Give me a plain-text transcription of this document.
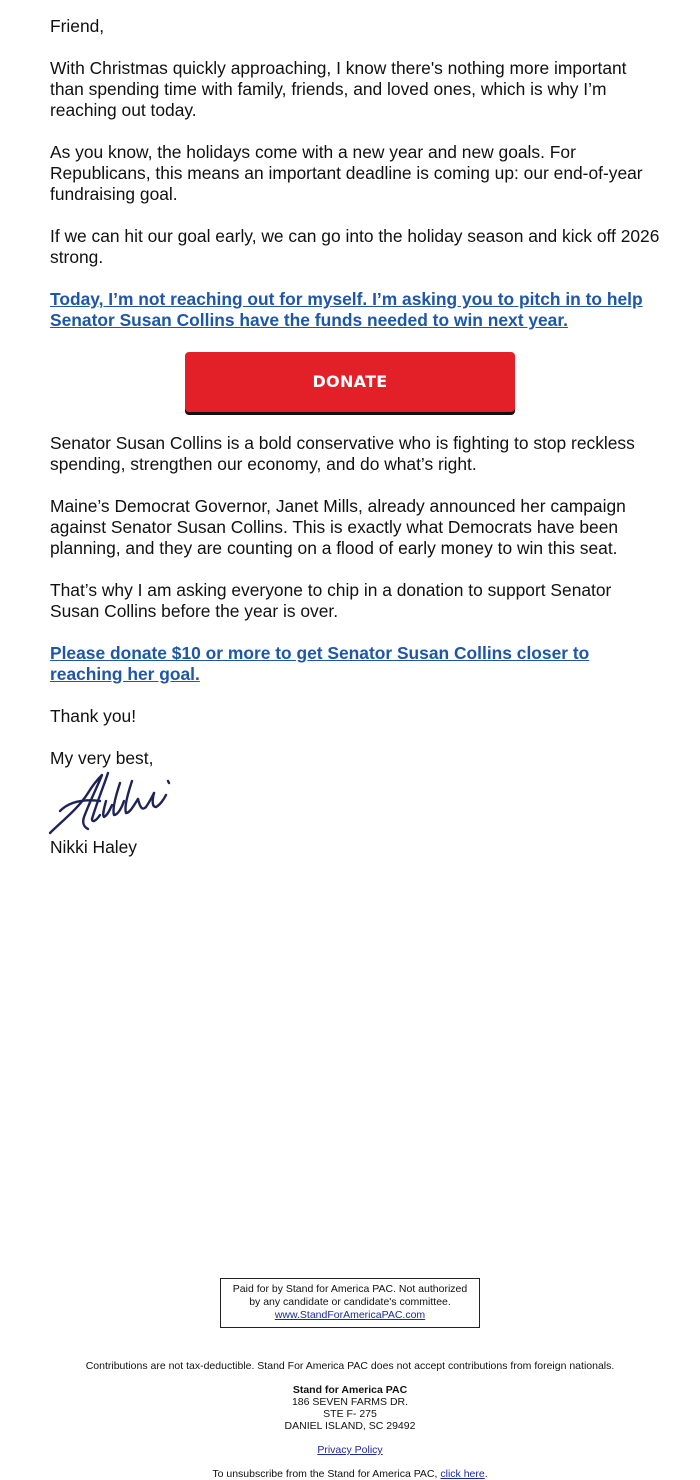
Friend,

With Christmas quickly approaching, I know there's nothing more important than spending time with family, friends, and loved ones, which is why I’m reaching out today.

As you know, the holidays come with a new year and new goals. For Republicans, this means an important deadline is coming up: our end-of-year fundraising goal.

If we can hit our goal early, we can go into the holiday season and kick off 2026 strong.

Today, I’m not reaching out for myself. I’m asking you to pitch in to help Senator Susan Collins have the funds needed to win next year.

DONATE

Senator Susan Collins is a bold conservative who is fighting to stop reckless spending, strengthen our economy, and do what’s right.

Maine’s Democrat Governor, Janet Mills, already announced her campaign against Senator Susan Collins. This is exactly what Democrats have been planning, and they are counting on a flood of early money to win this seat.

That’s why I am asking everyone to chip in a donation to support Senator Susan Collins before the year is over.

Please donate $10 or more to get Senator Susan Collins closer to reaching her goal.

Thank you!

My very best,

Nikki Haley

Paid for by Stand for America PAC. Not authorized
by any candidate or candidate's committee.
www.StandForAmericaPAC.com
Contributions are not tax-deductible. Stand For America PAC does not accept contributions from foreign nationals.
Stand for America PAC
186 SEVEN FARMS DR.
STE F- 275
DANIEL ISLAND, SC 29492
Privacy Policy
To unsubscribe from the Stand for America PAC, click here.
